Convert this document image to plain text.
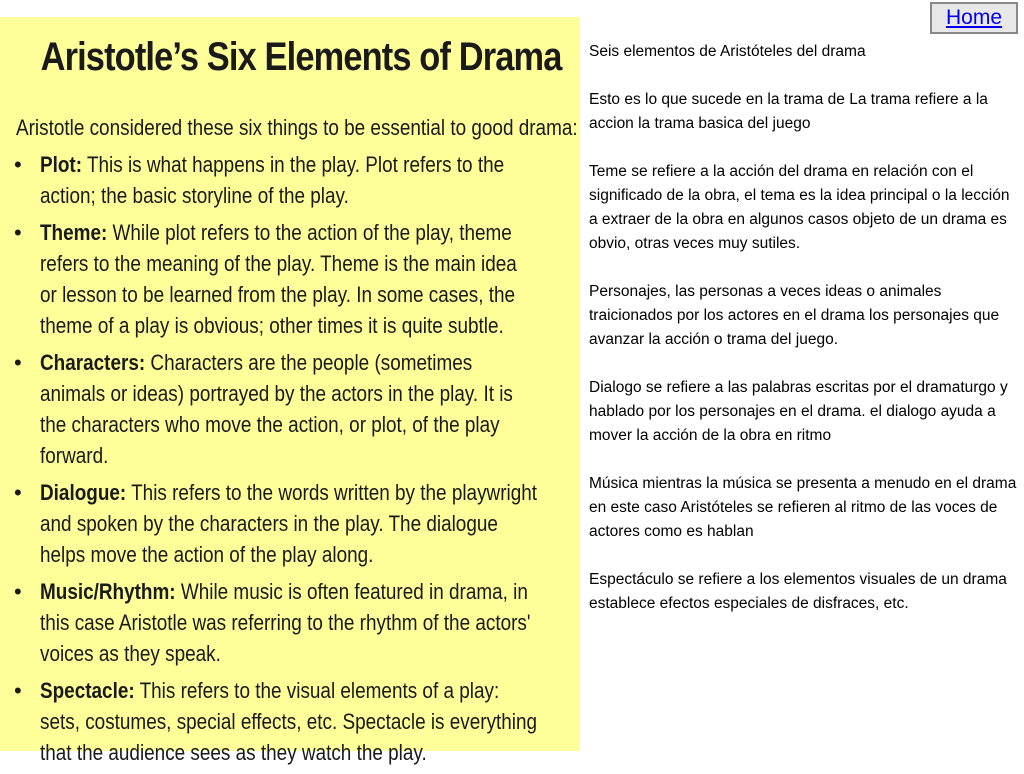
Aristotle’s Six Elements of Drama
Aristotle considered these six things to be essential to good drama:
• Plot: This is what happens in the play. Plot refers to the action; the basic storyline of the play.
• Theme: While plot refers to the action of the play, theme refers to the meaning of the play. Theme is the main idea or lesson to be learned from the play. In some cases, the theme of a play is obvious; other times it is quite subtle.
• Characters: Characters are the people (sometimes animals or ideas) portrayed by the actors in the play. It is the characters who move the action, or plot, of the play forward.
• Dialogue: This refers to the words written by the playwright and spoken by the characters in the play. The dialogue helps move the action of the play along.
• Music/Rhythm: While music is often featured in drama, in this case Aristotle was referring to the rhythm of the actors' voices as they speak.
• Spectacle: This refers to the visual elements of a play: sets, costumes, special effects, etc. Spectacle is everything that the audience sees as they watch the play.

Seis elementos de Aristóteles del drama

Esto es lo que sucede en la trama de La trama refiere a la accion la trama basica del juego

Teme se refiere a la acción del drama en relación con el significado de la obra, el tema es la idea principal o la lección a extraer de la obra en algunos casos objeto de un drama es obvio, otras veces muy sutiles.

Personajes, las personas a veces ideas o animales traicionados por los actores en el drama los personajes que avanzar la acción o trama del juego.

Dialogo se refiere a las palabras escritas por el dramaturgo y hablado por los personajes en el drama. el dialogo ayuda a mover la acción de la obra en ritmo

Música mientras la música se presenta a menudo en el drama en este caso Aristóteles se refieren al ritmo de las voces de actores como es hablan

Espectáculo se refiere a los elementos visuales de un drama establece efectos especiales de disfraces, etc.

Home
